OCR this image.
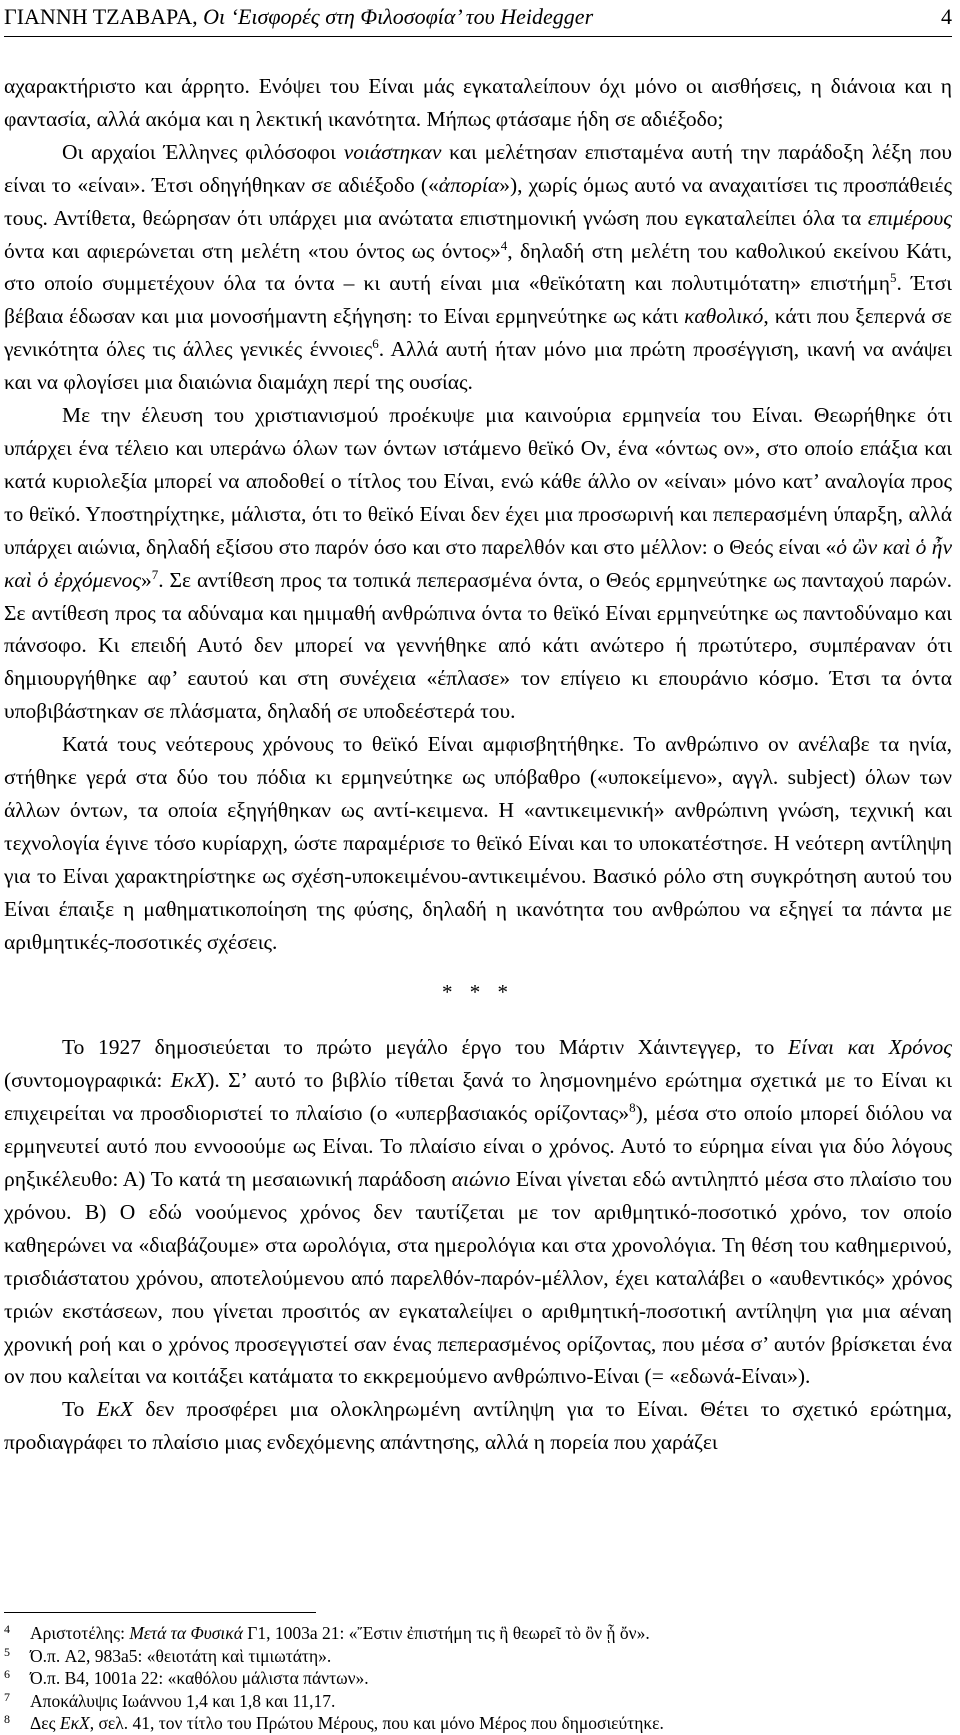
ΓΙΑΝΝΗ ΤΖΑΒΑΡΑ, Οι ‘Εισφορές στη Φιλοσοφία’ του Heidegger	4

αχαρακτήριστο και άρρητο. Ενόψει του Είναι μάς εγκαταλείπουν όχι μόνο οι αισθήσεις, η διάνοια και η φαντασία, αλλά ακόμα και η λεκτική ικανότητα. Μήπως φτάσαμε ήδη σε αδιέξοδο;

Οι αρχαίοι Έλληνες φιλόσοφοι νοιάστηκαν και μελέτησαν επισταμένα αυτή την παράδοξη λέξη που είναι το «είναι». Έτσι οδηγήθηκαν σε αδιέξοδο («ἀπορία»), χωρίς όμως αυτό να αναχαιτίσει τις προσπάθειές τους. Αντίθετα, θεώρησαν ότι υπάρχει μια ανώτατα επιστημονική γνώση που εγκαταλείπει όλα τα επιμέρους όντα και αφιερώνεται στη μελέτη «του όντος ως όντος»$^4$, δηλαδή στη μελέτη του καθολικού εκείνου Κάτι, στο οποίο συμμετέχουν όλα τα όντα – κι αυτή είναι μια «θεϊκότατη και πολυτιμότατη» επιστήμη$^5$. Έτσι βέβαια έδωσαν και μια μονοσήμαντη εξήγηση: το Είναι ερμηνεύτηκε ως κάτι καθολικό, κάτι που ξεπερνά σε γενικότητα όλες τις άλλες γενικές έννοιες$^6$. Αλλά αυτή ήταν μόνο μια πρώτη προσέγγιση, ικανή να ανάψει και να φλογίσει μια διαιώνια διαμάχη περί της ουσίας.

Με την έλευση του χριστιανισμού προέκυψε μια καινούρια ερμηνεία του Είναι. Θεωρήθηκε ότι υπάρχει ένα τέλειο και υπεράνω όλων των όντων ιστάμενο θεϊκό Ον, ένα «όντως ον», στο οποίο επάξια και κατά κυριολεξία μπορεί να αποδοθεί ο τίτλος του Είναι, ενώ κάθε άλλο ον «είναι» μόνο κατ’ αναλογία προς το θεϊκό. Υποστηρίχτηκε, μάλιστα, ότι το θεϊκό Είναι δεν έχει μια προσωρινή και πεπερασμένη ύπαρξη, αλλά υπάρχει αιώνια, δηλαδή εξίσου στο παρόν όσο και στο παρελθόν και στο μέλλον: ο Θεός είναι «ὁ ὢν καὶ ὁ ἦν καὶ ὁ ἐρχόμενος»$^7$. Σε αντίθεση προς τα τοπικά πεπερασμένα όντα, ο Θεός ερμηνεύτηκε ως πανταχού παρών. Σε αντίθεση προς τα αδύναμα και ημιμαθή ανθρώπινα όντα το θεϊκό Είναι ερμηνεύτηκε ως παντοδύναμο και πάνσοφο. Κι επειδή Αυτό δεν μπορεί να γεννήθηκε από κάτι ανώτερο ή πρωτύτερο, συμπέραναν ότι δημιουργήθηκε αφ’ εαυτού και στη συνέχεια «έπλασε» τον επίγειο κι επουράνιο κόσμο. Έτσι τα όντα υποβιβάστηκαν σε πλάσματα, δηλαδή σε υποδεέστερά του.

Κατά τους νεότερους χρόνους το θεϊκό Είναι αμφισβητήθηκε. Το ανθρώπινο ον ανέλαβε τα ηνία, στήθηκε γερά στα δύο του πόδια κι ερμηνεύτηκε ως υπόβαθρο («υποκείμενο», αγγλ. subject) όλων των άλλων όντων, τα οποία εξηγήθηκαν ως αντί-κειμενα. Η «αντικειμενική» ανθρώπινη γνώση, τεχνική και τεχνολογία έγινε τόσο κυρίαρχη, ώστε παραμέρισε το θεϊκό Είναι και το υποκατέστησε. Η νεότερη αντίληψη για το Είναι χαρακτηρίστηκε ως σχέση-υποκειμένου-αντικειμένου. Βασικό ρόλο στη συγκρότηση αυτού του Είναι έπαιξε η μαθηματικοποίηση της φύσης, δηλαδή η ικανότητα του ανθρώπου να εξηγεί τα πάντα με αριθμητικές-ποσοτικές σχέσεις.

* * *

Το 1927 δημοσιεύεται το πρώτο μεγάλο έργο του Μάρτιν Χάιντεγγερ, το Είναι και Χρόνος (συντομογραφικά: ΕκΧ). Σ’ αυτό το βιβλίο τίθεται ξανά το λησμονημένο ερώτημα σχετικά με το Είναι κι επιχειρείται να προσδιοριστεί το πλαίσιο (ο «υπερβασιακός ορίζοντας»$^8$), μέσα στο οποίο μπορεί διόλου να ερμηνευτεί αυτό που εννοοούμε ως Είναι. Το πλαίσιο είναι ο χρόνος. Αυτό το εύρημα είναι για δύο λόγους ρηξικέλευθο: Α) Το κατά τη μεσαιωνική παράδοση αιώνιο Είναι γίνεται εδώ αντιληπτό μέσα στο πλαίσιο του χρόνου. Β) Ο εδώ νοούμενος χρόνος δεν ταυτίζεται με τον αριθμητικό-ποσοτικό χρόνο, τον οποίο καθηερώνει να «διαβάζουμε» στα ωρολόγια, στα ημερολόγια και στα χρονολόγια. Τη θέση του καθημερινού, τρισδιάστατου χρόνου, αποτελούμενου από παρελθόν-παρόν-μέλλον, έχει καταλάβει ο «αυθεντικός» χρόνος τριών εκστάσεων, που γίνεται προσιτός αν εγκαταλείψει ο αριθμητική-ποσοτική αντίληψη για μια αέναη χρονική ροή και ο χρόνος προσεγγιστεί σαν ένας πεπερασμένος ορίζοντας, που μέσα σ’ αυτόν βρίσκεται ένα ον που καλείται να κοιτάξει κατάματα το εκκρεμούμενο ανθρώπινο-Είναι (= «εδωνά-Είναι»).

Το ΕκΧ δεν προσφέρει μια ολοκληρωμένη αντίληψη για το Είναι. Θέτει το σχετικό ερώτημα, προδιαγράφει το πλαίσιο μιας ενδεχόμενης απάντησης, αλλά η πορεία που χαράζει

4 Αριστοτέλης: Μετά τα Φυσικά Γ1, 1003a 21: «Ἔστιν ἐπιστήμη τις ἣ θεωρεῖ τὸ ὂν ᾗ ὄν».
5 Ό.π. A2, 983a5: «θειοτάτη καὶ τιμιωτάτη».
6 Ό.π. B4, 1001a 22: «καθόλου μάλιστα πάντων».
7 Αποκάλυψις Ιωάννου 1,4 και 1,8 και 11,17.
8 Δες ΕκΧ, σελ. 41, τον τίτλο του Πρώτου Μέρους, που και μόνο Μέρος που δημοσιεύτηκε.
